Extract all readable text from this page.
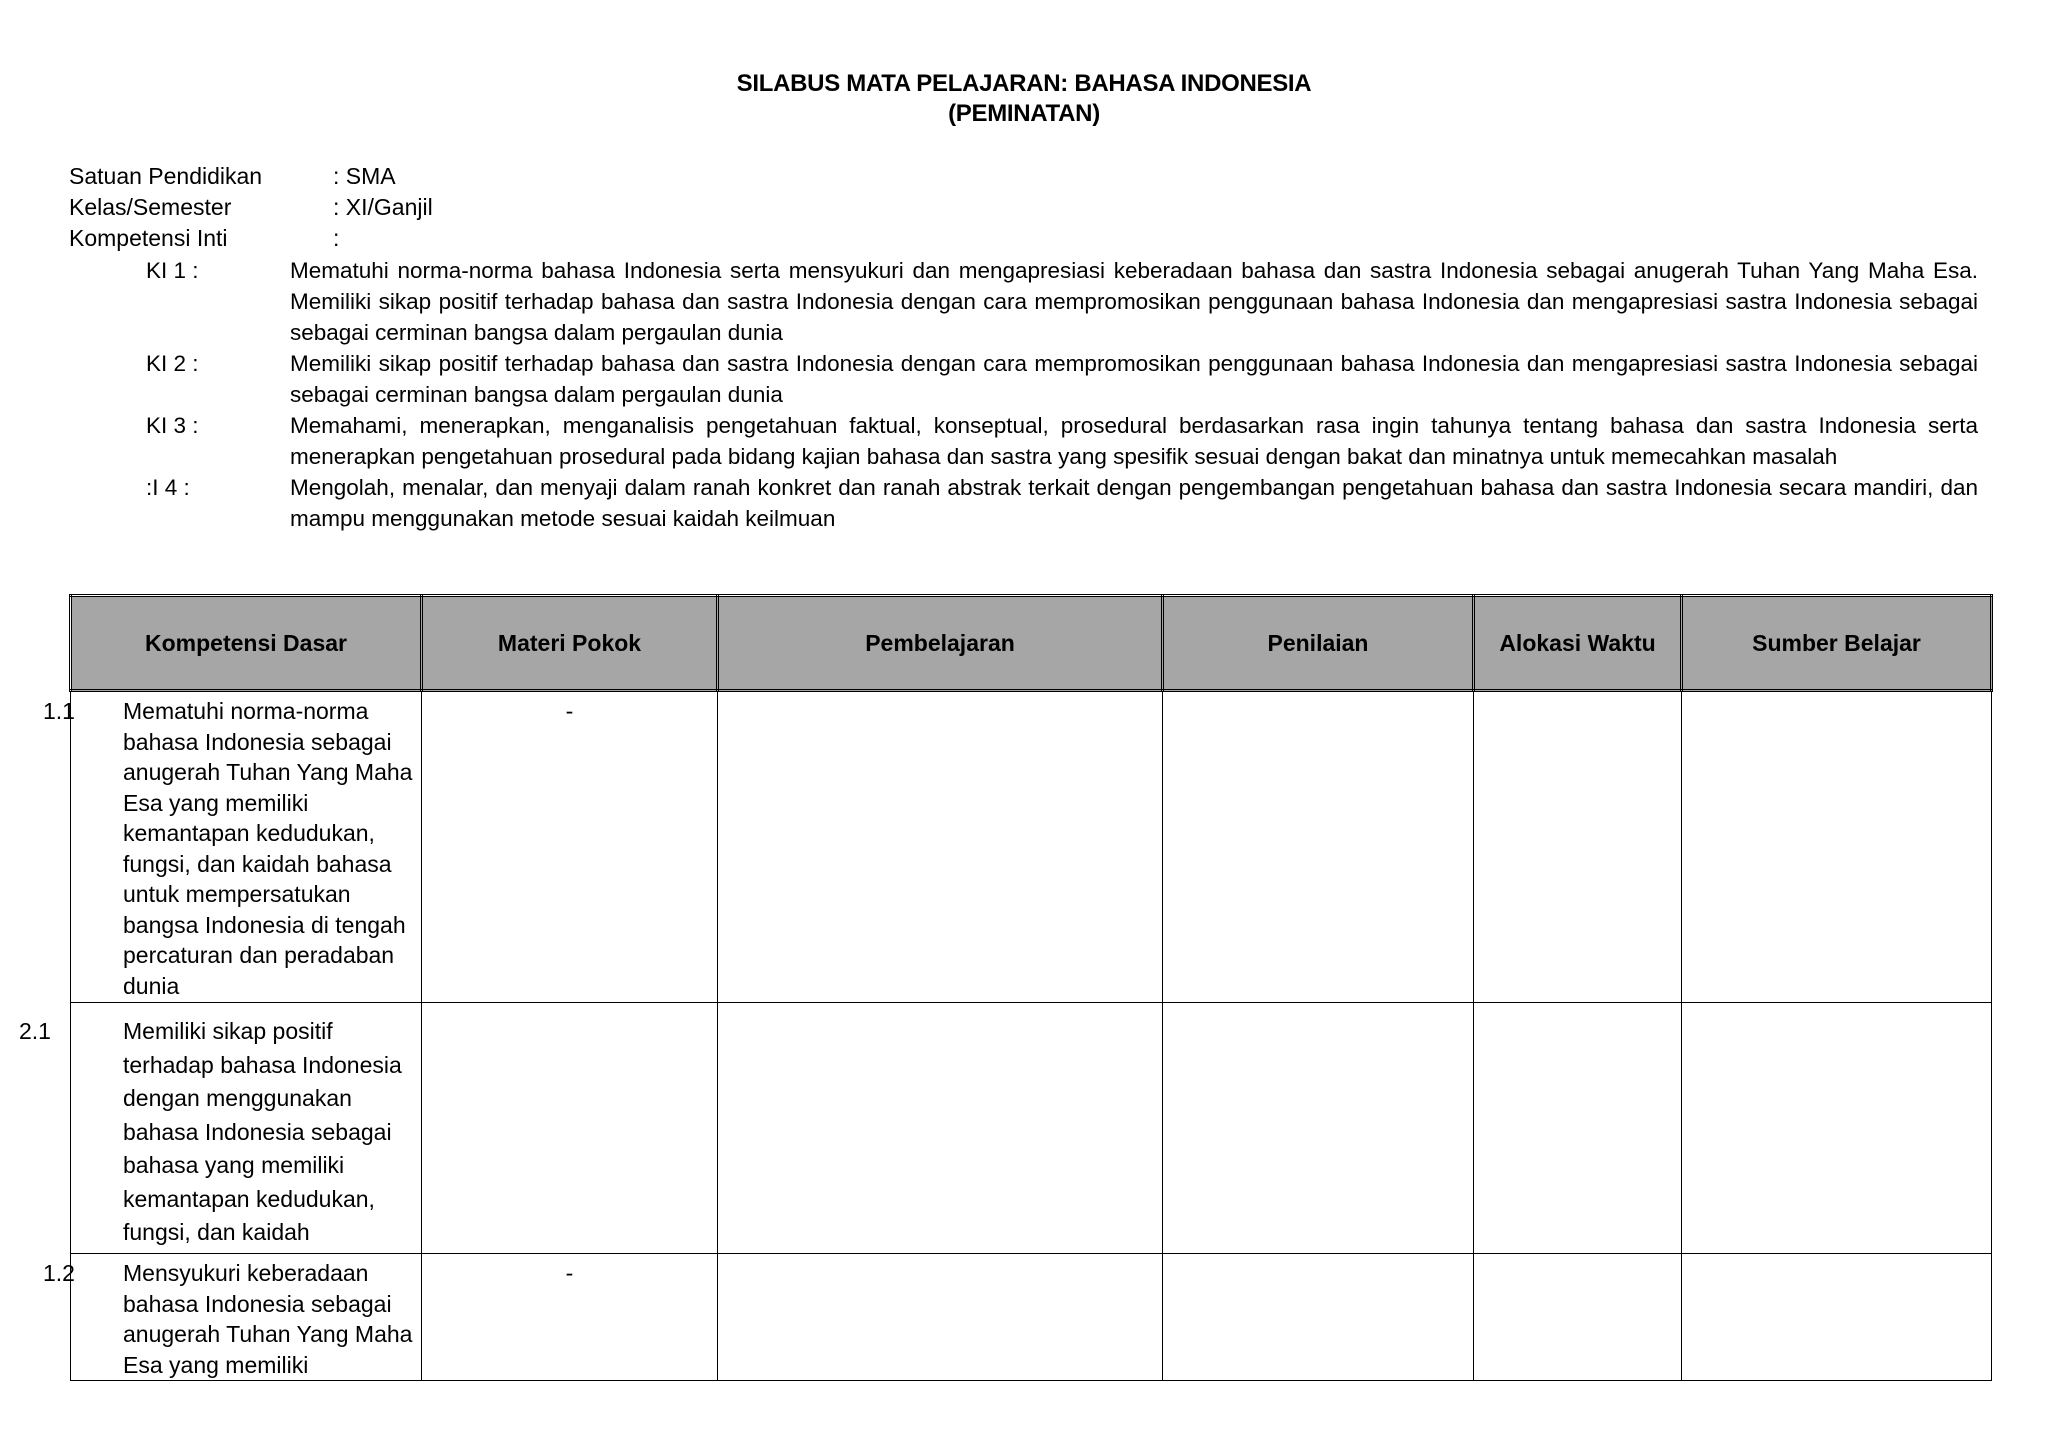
SILABUS MATA PELAJARAN: BAHASA INDONESIA
(PEMINATAN)
Satuan Pendidikan	: SMA
Kelas/Semester	: XI/Ganjil
Kompetensi Inti	:
KI 1 :	Mematuhi norma-norma bahasa Indonesia serta mensyukuri dan mengapresiasi keberadaan bahasa dan sastra Indonesia sebagai anugerah Tuhan Yang Maha Esa. Memiliki sikap positif terhadap bahasa dan sastra Indonesia dengan cara mempromosikan penggunaan bahasa Indonesia dan mengapresiasi sastra Indonesia sebagai sebagai cerminan bangsa dalam pergaulan dunia
KI 2 :	Memiliki sikap positif terhadap bahasa dan sastra Indonesia dengan cara mempromosikan penggunaan bahasa Indonesia dan mengapresiasi sastra Indonesia sebagai sebagai cerminan bangsa dalam pergaulan dunia
KI 3 :	Memahami, menerapkan, menganalisis pengetahuan faktual, konseptual, prosedural berdasarkan rasa ingin tahunya tentang bahasa dan sastra Indonesia serta menerapkan pengetahuan prosedural pada bidang kajian bahasa dan sastra yang spesifik sesuai dengan bakat dan minatnya untuk memecahkan masalah
:I 4 :	Mengolah, menalar, dan menyaji dalam ranah konkret dan ranah abstrak terkait dengan pengembangan pengetahuan bahasa dan sastra Indonesia secara mandiri, dan mampu menggunakan metode sesuai kaidah keilmuan
Kompetensi Dasar	Materi Pokok	Pembelajaran	Penilaian	Alokasi Waktu	Sumber Belajar

1.1 Mematuhi norma-norma bahasa Indonesia sebagai anugerah Tuhan Yang Maha Esa yang memiliki kemantapan kedudukan, fungsi, dan kaidah bahasa untuk mempersatukan bangsa Indonesia di tengah percaturan dan peradaban dunia	-				

2.1 Memiliki sikap positif terhadap bahasa Indonesia dengan menggunakan bahasa Indonesia sebagai bahasa yang memiliki kemantapan kedudukan, fungsi, dan kaidah					

1.2 Mensyukuri keberadaan bahasa Indonesia sebagai anugerah Tuhan Yang Maha Esa yang memiliki	-				
